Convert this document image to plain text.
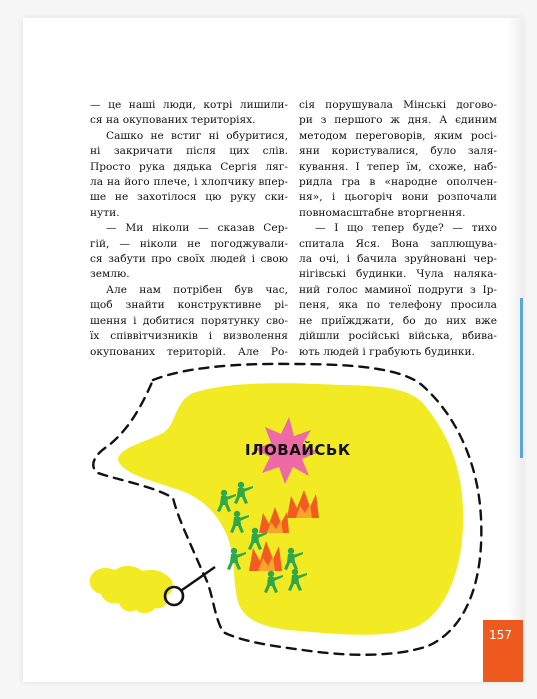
— це наші люди, котрі лишили-
ся на окупованих територіях.
Сашко не встиг ні обуритися,
ні закричати після цих слів.
Просто рука дядька Сергія ляг-
ла на його плече, і хлопчику впер-
ше не захотілося цю руку ски-
нути.
— Ми ніколи — сказав Сер-
гій, — ніколи не погоджували-
ся забути про своїх людей і свою
землю.
Але нам потрібен був час,
щоб знайти конструктивне рі-
шення і добитися порятунку сво-
їх співвітчизників і визволення
окупованих територій. Але Ро-
сія порушувала Мінські догово-
ри з першого ж дня. А єдиним
методом переговорів, яким росі-
яни користувалися, було заля-
кування. І тепер їм, схоже, наб-
ридла гра в «народне ополчен-
ня», і цьогоріч вони розпочали
повномасштабне вторгнення.
— І що тепер буде? — тихо
спитала Яся. Вона заплющува-
ла очі, і бачила зруйновані чер-
нігівські будинки. Чула наляка-
ний голос маминої подруги з Ір-
пеня, яка по телефону просила
не приїжджати, бо до них вже
дійшли російські війська, вбива-
ють людей і грабують будинки.
ІЛОВАЙСЬК
157
